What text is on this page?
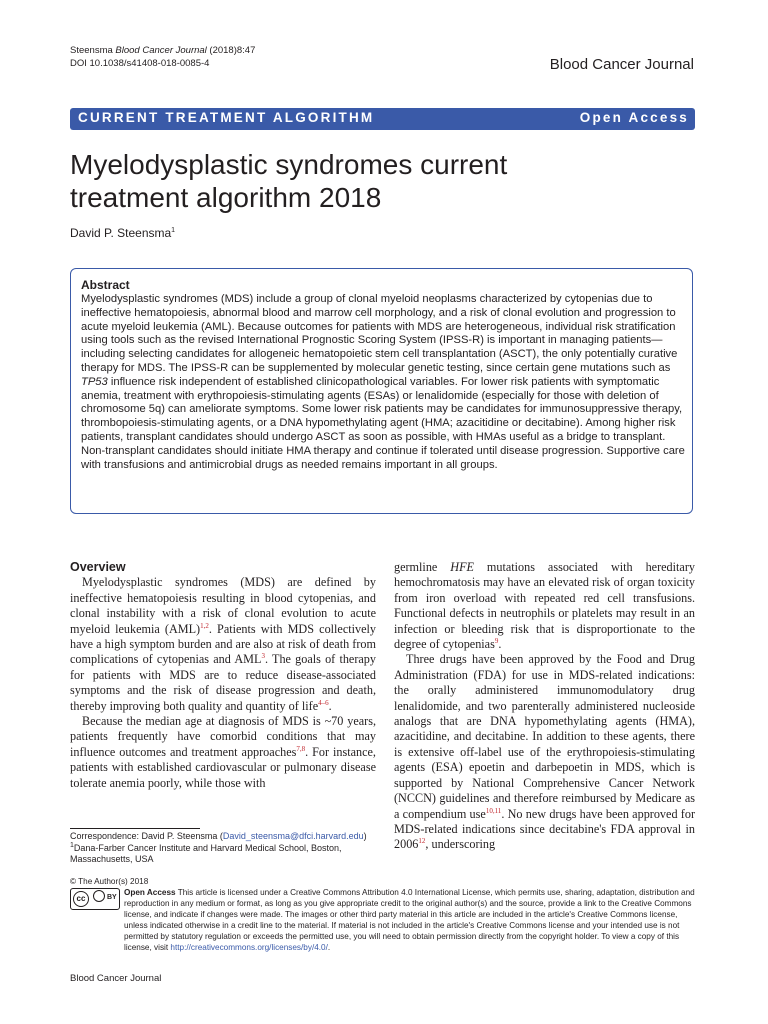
Steensma Blood Cancer Journal (2018)8:47
DOI 10.1038/s41408-018-0085-4	Blood Cancer Journal
CURRENT TREATMENT ALGORITHM	Open Access
Myelodysplastic syndromes current
treatment algorithm 2018
David P. Steensma$^1$
Abstract
Myelodysplastic syndromes (MDS) include a group of clonal myeloid neoplasms characterized by cytopenias due to ineffective hematopoiesis, abnormal blood and marrow cell morphology, and a risk of clonal evolution and progression to acute myeloid leukemia (AML). Because outcomes for patients with MDS are heterogeneous, individual risk stratification using tools such as the revised International Prognostic Scoring System (IPSS-R) is important in managing patients—including selecting candidates for allogeneic hematopoietic stem cell transplantation (ASCT), the only potentially curative therapy for MDS. The IPSS-R can be supplemented by molecular genetic testing, since certain gene mutations such as TP53 influence risk independent of established clinicopathological variables. For lower risk patients with symptomatic anemia, treatment with erythropoiesis-stimulating agents (ESAs) or lenalidomide (especially for those with deletion of chromosome 5q) can ameliorate symptoms. Some lower risk patients may be candidates for immunosuppressive therapy, thrombopoiesis-stimulating agents, or a DNA hypomethylating agent (HMA; azacitidine or decitabine). Among higher risk patients, transplant candidates should undergo ASCT as soon as possible, with HMAs useful as a bridge to transplant. Non-transplant candidates should initiate HMA therapy and continue if tolerated until disease progression. Supportive care with transfusions and antimicrobial drugs as needed remains important in all groups.
Overview

Myelodysplastic syndromes (MDS) are defined by ineffective hematopoiesis resulting in blood cytopenias, and clonal instability with a risk of clonal evolution to acute myeloid leukemia (AML)$^{1,2}$. Patients with MDS collectively have a high symptom burden and are also at risk of death from complications of cytopenias and AML$^3$. The goals of therapy for patients with MDS are to reduce disease-associated symptoms and the risk of disease progression and death, thereby improving both quality and quantity of life$^{4-6}$.

Because the median age at diagnosis of MDS is ~70 years, patients frequently have comorbid conditions that may influence outcomes and treatment approaches$^{7,8}$. For instance, patients with established cardiovascular or pulmonary disease tolerate anemia poorly, while those with

germline HFE mutations associated with hereditary hemochromatosis may have an elevated risk of organ toxicity from iron overload with repeated red cell transfusions. Functional defects in neutrophils or platelets may result in an infection or bleeding risk that is disproportionate to the degree of cytopenias$^9$.

Three drugs have been approved by the Food and Drug Administration (FDA) for use in MDS-related indications: the orally administered immunomodulatory drug lenalidomide, and two parenterally administered nucleoside analogs that are DNA hypomethylating agents (HMA), azacitidine, and decitabine. In addition to these agents, there is extensive off-label use of the erythropoiesis-stimulating agents (ESA) epoetin and darbepoetin in MDS, which is supported by National Comprehensive Cancer Network (NCCN) guidelines and therefore reimbursed by Medicare as a compendium use$^{10,11}$. No new drugs have been approved for MDS-related indications since decitabine's FDA approval in 2006$^{12}$, underscoring

Correspondence: David P. Steensma (David_steensma@dfci.harvard.edu)
$^1$Dana-Farber Cancer Institute and Harvard Medical School, Boston, Massachusetts, USA
© The Author(s) 2018
cc	BY
Open Access This article is licensed under a Creative Commons Attribution 4.0 International License, which permits use, sharing, adaptation, distribution and reproduction in any medium or format, as long as you give appropriate credit to the original author(s) and the source, provide a link to the Creative Commons license, and indicate if changes were made. The images or other third party material in this article are included in the article's Creative Commons license, unless indicated otherwise in a credit line to the material. If material is not included in the article's Creative Commons license and your intended use is not permitted by statutory regulation or exceeds the permitted use, you will need to obtain permission directly from the copyright holder. To view a copy of this license, visit http://creativecommons.org/licenses/by/4.0/.
Blood Cancer Journal
